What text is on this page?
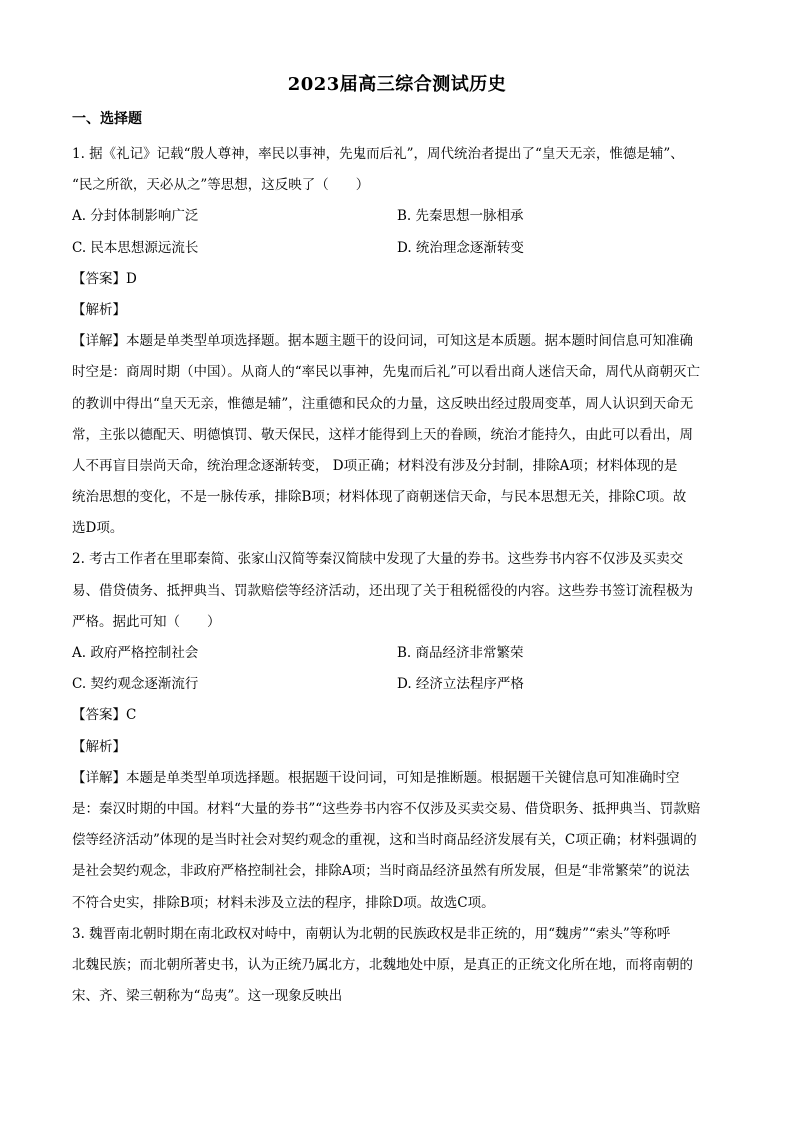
2023届高三综合测试历史
一、选择题
1. 据《礼记》记载“殷人尊神，率民以事神，先鬼而后礼”，周代统治者提出了“皇天无亲，惟德是辅”、
“民之所欲，天必从之”等思想，这反映了（　　）
A. 分封体制影响广泛	B. 先秦思想一脉相承
C. 民本思想源远流长	D. 统治理念逐渐转变
【答案】D
【解析】
【详解】本题是单类型单项选择题。据本题主题干的设问词，可知这是本质题。据本题时间信息可知准确
时空是：商周时期（中国）。从商人的“率民以事神，先鬼而后礼”可以看出商人迷信天命，周代从商朝灭亡
的教训中得出“皇天无亲，惟德是辅”，注重德和民众的力量，这反映出经过殷周变革，周人认识到天命无
常，主张以德配天、明德慎罚、敬天保民，这样才能得到上天的眷顾，统治才能持久，由此可以看出，周
人不再盲目崇尚天命，统治理念逐渐转变， D项正确；材料没有涉及分封制，排除A项；材料体现的是
统治思想的变化，不是一脉传承，排除B项；材料体现了商朝迷信天命，与民本思想无关，排除C项。故
选D项。
2. 考古工作者在里耶秦简、张家山汉简等秦汉简牍中发现了大量的券书。这些券书内容不仅涉及买卖交
易、借贷债务、抵押典当、罚款赔偿等经济活动，还出现了关于租税徭役的内容。这些券书签订流程极为
严格。据此可知（　　）
A. 政府严格控制社会	B. 商品经济非常繁荣
C. 契约观念逐渐流行	D. 经济立法程序严格
【答案】C
【解析】
【详解】本题是单类型单项选择题。根据题干设问词，可知是推断题。根据题干关键信息可知准确时空
是：秦汉时期的中国。材料“大量的券书”“这些券书内容不仅涉及买卖交易、借贷职务、抵押典当、罚款赔
偿等经济活动”体现的是当时社会对契约观念的重视，这和当时商品经济发展有关，C项正确；材料强调的
是社会契约观念，非政府严格控制社会，排除A项；当时商品经济虽然有所发展，但是“非常繁荣”的说法
不符合史实，排除B项；材料未涉及立法的程序，排除D项。故选C项。
3. 魏晋南北朝时期在南北政权对峙中，南朝认为北朝的民族政权是非正统的，用“魏虏”“索头”等称呼
北魏民族；而北朝所著史书，认为正统乃属北方，北魏地处中原，是真正的正统文化所在地，而将南朝的
宋、齐、梁三朝称为“岛夷”。这一现象反映出
